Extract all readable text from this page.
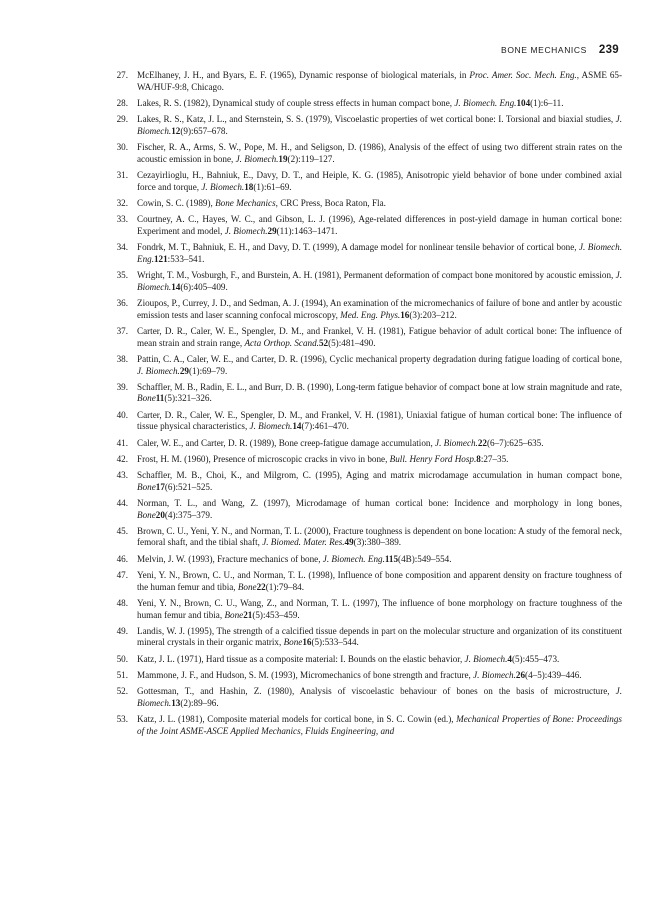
BONE MECHANICS 239
27. McElhaney, J. H., and Byars, E. F. (1965), Dynamic response of biological materials, in Proc. Amer. Soc. Mech. Eng., ASME 65-WA/HUF-9:8, Chicago.
28. Lakes, R. S. (1982), Dynamical study of couple stress effects in human compact bone, J. Biomech. Eng.104(1):6–11.
29. Lakes, R. S., Katz, J. L., and Sternstein, S. S. (1979), Viscoelastic properties of wet cortical bone: I. Torsional and biaxial studies, J. Biomech.12(9):657–678.
30. Fischer, R. A., Arms, S. W., Pope, M. H., and Seligson, D. (1986), Analysis of the effect of using two different strain rates on the acoustic emission in bone, J. Biomech.19(2):119–127.
31. Cezayirlioglu, H., Bahniuk, E., Davy, D. T., and Heiple, K. G. (1985), Anisotropic yield behavior of bone under combined axial force and torque, J. Biomech.18(1):61–69.
32. Cowin, S. C. (1989), Bone Mechanics, CRC Press, Boca Raton, Fla.
33. Courtney, A. C., Hayes, W. C., and Gibson, L. J. (1996), Age-related differences in post-yield damage in human cortical bone: Experiment and model, J. Biomech.29(11):1463–1471.
34. Fondrk, M. T., Bahniuk, E. H., and Davy, D. T. (1999), A damage model for nonlinear tensile behavior of cortical bone, J. Biomech. Eng.121:533–541.
35. Wright, T. M., Vosburgh, F., and Burstein, A. H. (1981), Permanent deformation of compact bone monitored by acoustic emission, J. Biomech.14(6):405–409.
36. Zioupos, P., Currey, J. D., and Sedman, A. J. (1994), An examination of the micromechanics of failure of bone and antler by acoustic emission tests and laser scanning confocal microscopy, Med. Eng. Phys.16(3):203–212.
37. Carter, D. R., Caler, W. E., Spengler, D. M., and Frankel, V. H. (1981), Fatigue behavior of adult cortical bone: The influence of mean strain and strain range, Acta Orthop. Scand.52(5):481–490.
38. Pattin, C. A., Caler, W. E., and Carter, D. R. (1996), Cyclic mechanical property degradation during fatigue loading of cortical bone, J. Biomech.29(1):69–79.
39. Schaffler, M. B., Radin, E. L., and Burr, D. B. (1990), Long-term fatigue behavior of compact bone at low strain magnitude and rate, Bone11(5):321–326.
40. Carter, D. R., Caler, W. E., Spengler, D. M., and Frankel, V. H. (1981), Uniaxial fatigue of human cortical bone: The influence of tissue physical characteristics, J. Biomech.14(7):461–470.
41. Caler, W. E., and Carter, D. R. (1989), Bone creep-fatigue damage accumulation, J. Biomech.22(6–7):625–635.
42. Frost, H. M. (1960), Presence of microscopic cracks in vivo in bone, Bull. Henry Ford Hosp.8:27–35.
43. Schaffler, M. B., Choi, K., and Milgrom, C. (1995), Aging and matrix microdamage accumulation in human compact bone, Bone17(6):521–525.
44. Norman, T. L., and Wang, Z. (1997), Microdamage of human cortical bone: Incidence and morphology in long bones, Bone20(4):375–379.
45. Brown, C. U., Yeni, Y. N., and Norman, T. L. (2000), Fracture toughness is dependent on bone location: A study of the femoral neck, femoral shaft, and the tibial shaft, J. Biomed. Mater. Res.49(3):380–389.
46. Melvin, J. W. (1993), Fracture mechanics of bone, J. Biomech. Eng.115(4B):549–554.
47. Yeni, Y. N., Brown, C. U., and Norman, T. L. (1998), Influence of bone composition and apparent density on fracture toughness of the human femur and tibia, Bone22(1):79–84.
48. Yeni, Y. N., Brown, C. U., Wang, Z., and Norman, T. L. (1997), The influence of bone morphology on fracture toughness of the human femur and tibia, Bone21(5):453–459.
49. Landis, W. J. (1995), The strength of a calcified tissue depends in part on the molecular structure and organization of its constituent mineral crystals in their organic matrix, Bone16(5):533–544.
50. Katz, J. L. (1971), Hard tissue as a composite material: I. Bounds on the elastic behavior, J. Biomech.4(5):455–473.
51. Mammone, J. F., and Hudson, S. M. (1993), Micromechanics of bone strength and fracture, J. Biomech.26(4–5):439–446.
52. Gottesman, T., and Hashin, Z. (1980), Analysis of viscoelastic behaviour of bones on the basis of microstructure, J. Biomech.13(2):89–96.
53. Katz, J. L. (1981), Composite material models for cortical bone, in S. C. Cowin (ed.), Mechanical Properties of Bone: Proceedings of the Joint ASME-ASCE Applied Mechanics, Fluids Engineering, and
